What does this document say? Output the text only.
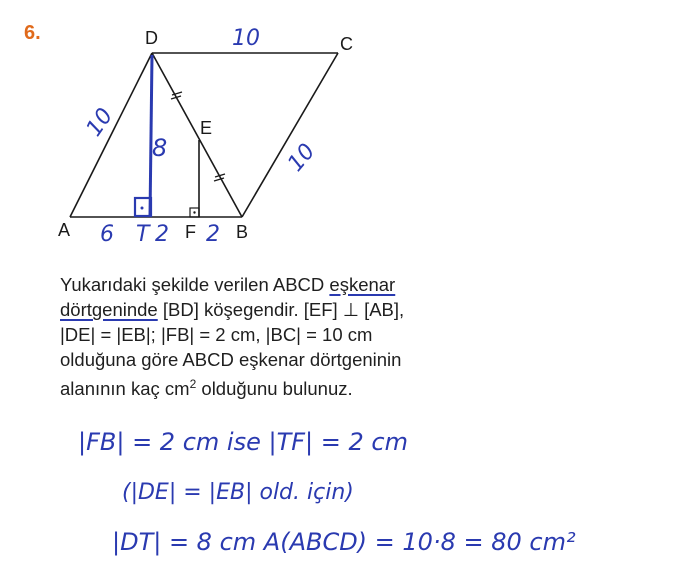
6.
A	B
C
D
E
F
10
10
10
8
6 T 2 2
Yukarıdaki şekilde verilen ABCD eşkenar
dörtgeninde [BD] köşegendir. [EF] ⊥ [AB],
|DE| = |EB|; |FB| = 2 cm, |BC| = 10 cm
olduğuna göre ABCD eşkenar dörtgeninin
alanının kaç $cm^2$ olduğunu bulunuz.
|FB| = 2 cm ise |TF| = 2 cm
(|DE| = |EB| old. için)
|DT| = 8 cm A(ABCD) = 10·8 = 80 cm²
